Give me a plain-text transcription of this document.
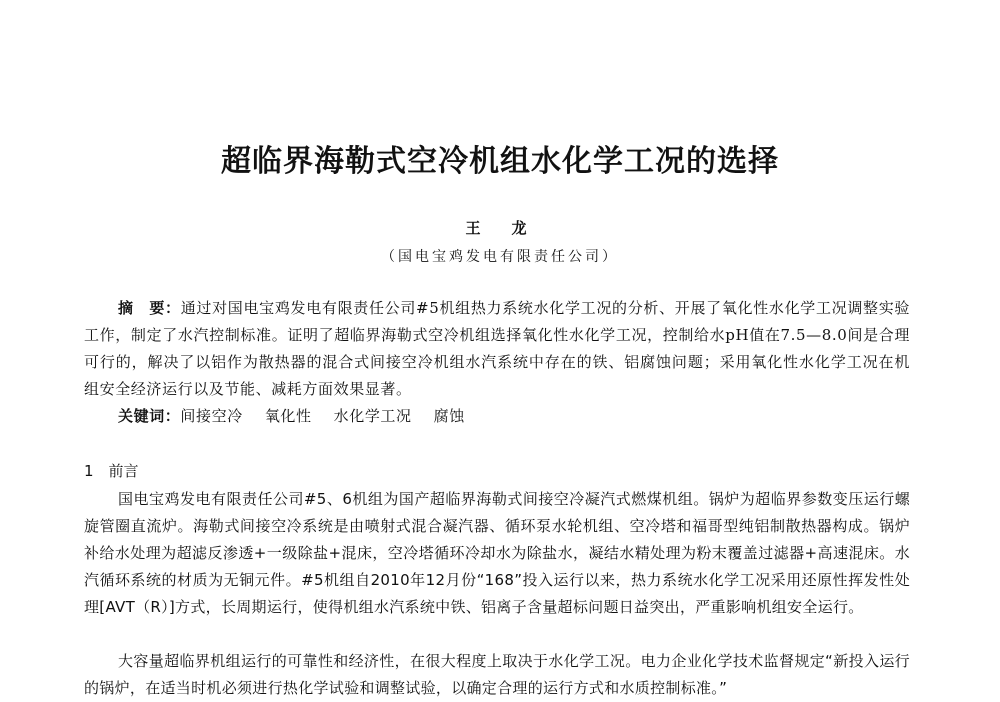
超临界海勒式空冷机组水化学工况的选择
王　龙
（国电宝鸡发电有限责任公司）
摘　要：通过对国电宝鸡发电有限责任公司#5机组热力系统水化学工况的分析、开展了氧化性水化学工况调整实验工作，制定了水汽控制标准。证明了超临界海勒式空冷机组选择氧化性水化学工况，控制给水pH值在7.5—8.0间是合理可行的，解决了以铝作为散热器的混合式间接空冷机组水汽系统中存在的铁、铝腐蚀问题；采用氧化性水化学工况在机组安全经济运行以及节能、减耗方面效果显著。
关键词：间接空冷 氧化性 水化学工况 腐蚀
1　前言
国电宝鸡发电有限责任公司#5、6机组为国产超临界海勒式间接空冷凝汽式燃煤机组。锅炉为超临界参数变压运行螺旋管圈直流炉。海勒式间接空冷系统是由喷射式混合凝汽器、循环泵水轮机组、空冷塔和福哥型纯铝制散热器构成。锅炉补给水处理为超滤反渗透+一级除盐+混床，空冷塔循环冷却水为除盐水，凝结水精处理为粉末覆盖过滤器+高速混床。水汽循环系统的材质为无铜元件。#5机组自2010年12月份“168”投入运行以来，热力系统水化学工况采用还原性挥发性处理[AVT（R）]方式，长周期运行，使得机组水汽系统中铁、铝离子含量超标问题日益突出，严重影响机组安全运行。
大容量超临界机组运行的可靠性和经济性，在很大程度上取决于水化学工况。电力企业化学技术监督规定“新投入运行的锅炉，在适当时机必须进行热化学试验和调整试验，以确定合理的运行方式和水质控制标准。”
